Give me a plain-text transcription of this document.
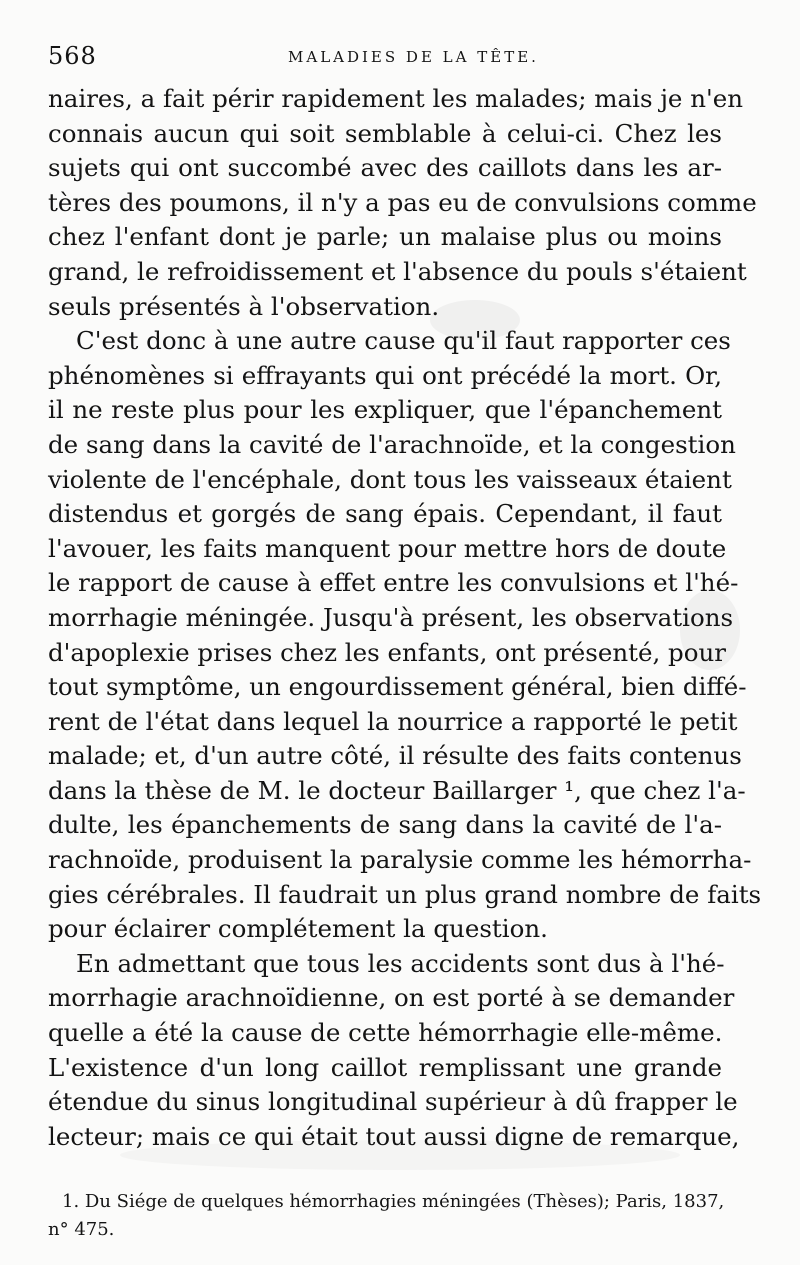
568	MALADIES DE LA TÊTE.
naires, a fait périr rapidement les malades; mais je n'en
connais aucun qui soit semblable à celui-ci. Chez les
sujets qui ont succombé avec des caillots dans les ar-
tères des poumons, il n'y a pas eu de convulsions comme
chez l'enfant dont je parle; un malaise plus ou moins
grand, le refroidissement et l'absence du pouls s'étaient
seuls présentés à l'observation.
C'est donc à une autre cause qu'il faut rapporter ces
phénomènes si effrayants qui ont précédé la mort. Or,
il ne reste plus pour les expliquer, que l'épanchement
de sang dans la cavité de l'arachnoïde, et la congestion
violente de l'encéphale, dont tous les vaisseaux étaient
distendus et gorgés de sang épais. Cependant, il faut
l'avouer, les faits manquent pour mettre hors de doute
le rapport de cause à effet entre les convulsions et l'hé-
morrhagie méningée. Jusqu'à présent, les observations
d'apoplexie prises chez les enfants, ont présenté, pour
tout symptôme, un engourdissement général, bien diffé-
rent de l'état dans lequel la nourrice a rapporté le petit
malade; et, d'un autre côté, il résulte des faits contenus
dans la thèse de M. le docteur Baillarger ¹, que chez l'a-
dulte, les épanchements de sang dans la cavité de l'a-
rachnoïde, produisent la paralysie comme les hémorrha-
gies cérébrales. Il faudrait un plus grand nombre de faits
pour éclairer complétement la question.
En admettant que tous les accidents sont dus à l'hé-
morrhagie arachnoïdienne, on est porté à se demander
quelle a été la cause de cette hémorrhagie elle-même.
L'existence d'un long caillot remplissant une grande
étendue du sinus longitudinal supérieur à dû frapper le
lecteur; mais ce qui était tout aussi digne de remarque,
1. Du Siége de quelques hémorrhagies méningées (Thèses); Paris, 1837,
n° 475.
